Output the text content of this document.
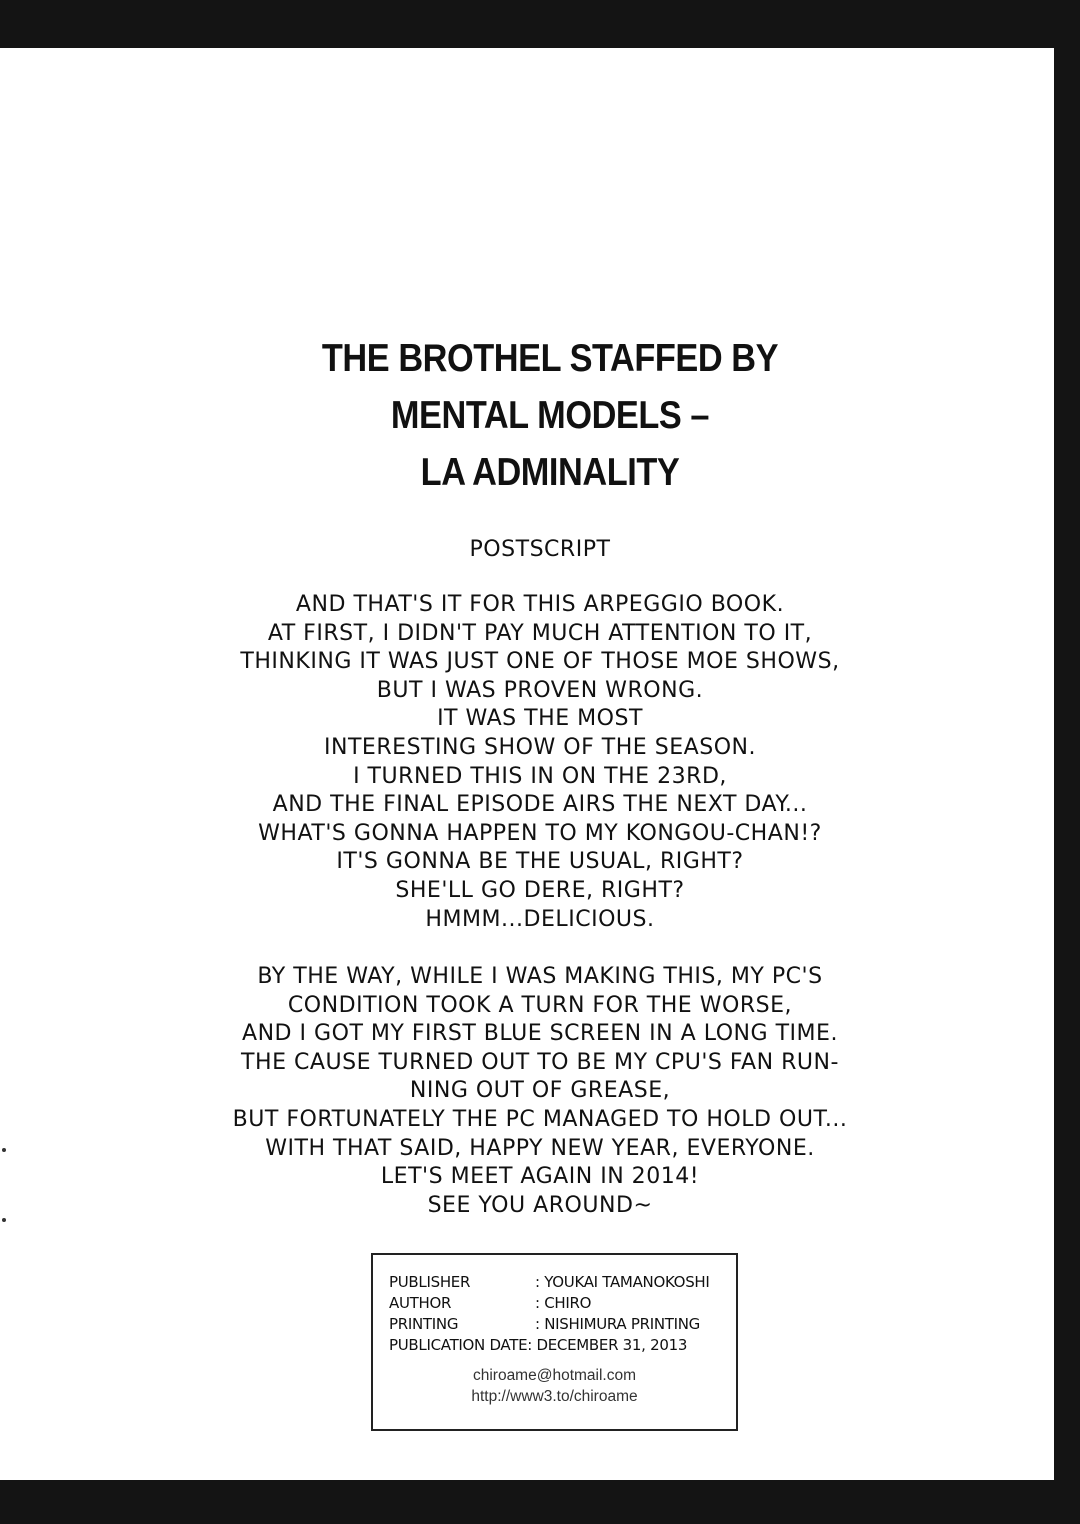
THE BROTHEL STAFFED BY
MENTAL MODELS –
LA ADMINALITY
POSTSCRIPT
AND THAT'S IT FOR THIS ARPEGGIO BOOK.
AT FIRST, I DIDN'T PAY MUCH ATTENTION TO IT,
THINKING IT WAS JUST ONE OF THOSE MOE SHOWS,
BUT I WAS PROVEN WRONG.
IT WAS THE MOST
INTERESTING SHOW OF THE SEASON.
I TURNED THIS IN ON THE 23RD,
AND THE FINAL EPISODE AIRS THE NEXT DAY...
WHAT'S GONNA HAPPEN TO MY KONGOU-CHAN!?
IT'S GONNA BE THE USUAL, RIGHT?
SHE'LL GO DERE, RIGHT?
HMMM...DELICIOUS.
BY THE WAY, WHILE I WAS MAKING THIS, MY PC'S
CONDITION TOOK A TURN FOR THE WORSE,
AND I GOT MY FIRST BLUE SCREEN IN A LONG TIME.
THE CAUSE TURNED OUT TO BE MY CPU'S FAN RUN-
NING OUT OF GREASE,
BUT FORTUNATELY THE PC MANAGED TO HOLD OUT...
WITH THAT SAID, HAPPY NEW YEAR, EVERYONE.
LET'S MEET AGAIN IN 2014!
SEE YOU AROUND~
PUBLISHER	: YOUKAI TAMANOKOSHI
AUTHOR	: CHIRO
PRINTING	: NISHIMURA PRINTING
PUBLICATION DATE: DECEMBER 31, 2013
chiroame@hotmail.com
http://www3.to/chiroame
